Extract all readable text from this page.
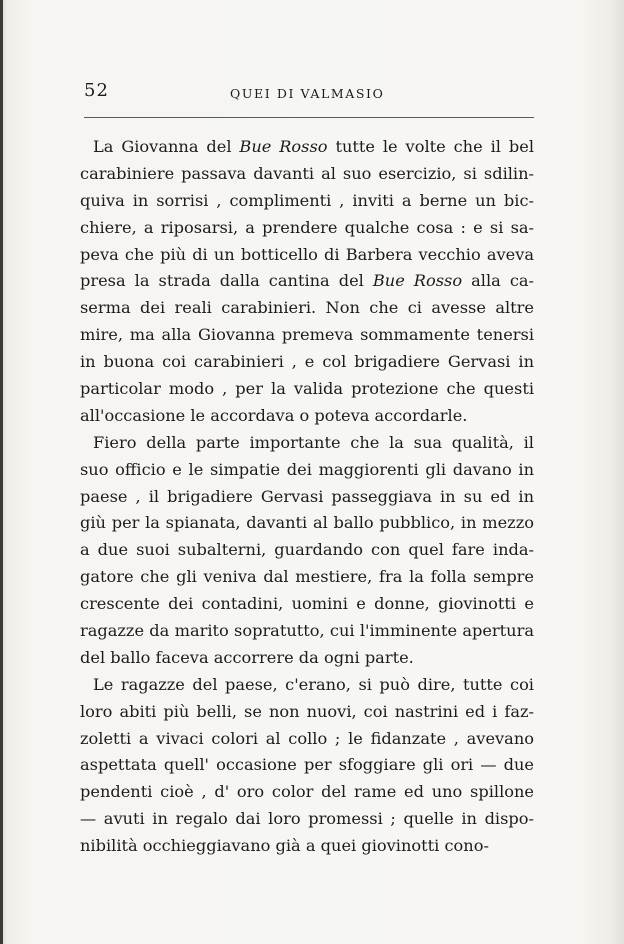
52	QUEI DI VALMASIO
La Giovanna del Bue Rosso tutte le volte che il bel
carabiniere passava davanti al suo esercizio, si sdilin-
quiva in sorrisi , complimenti , inviti a berne un bic-
chiere, a riposarsi, a prendere qualche cosa : e si sa-
peva che più di un botticello di Barbera vecchio aveva
presa la strada dalla cantina del Bue Rosso alla ca-
serma dei reali carabinieri. Non che ci avesse altre
mire, ma alla Giovanna premeva sommamente tenersi
in buona coi carabinieri , e col brigadiere Gervasi in
particolar modo , per la valida protezione che questi
all'occasione le accordava o poteva accordarle.
Fiero della parte importante che la sua qualità, il
suo officio e le simpatie dei maggiorenti gli davano in
paese , il brigadiere Gervasi passeggiava in su ed in
giù per la spianata, davanti al ballo pubblico, in mezzo
a due suoi subalterni, guardando con quel fare inda-
gatore che gli veniva dal mestiere, fra la folla sempre
crescente dei contadini, uomini e donne, giovinotti e
ragazze da marito sopratutto, cui l'imminente apertura
del ballo faceva accorrere da ogni parte.
Le ragazze del paese, c'erano, si può dire, tutte coi
loro abiti più belli, se non nuovi, coi nastrini ed i faz-
zoletti a vivaci colori al collo ; le fidanzate , avevano
aspettata quell' occasione per sfoggiare gli ori — due
pendenti cioè , d' oro color del rame ed uno spillone
— avuti in regalo dai loro promessi ; quelle in dispo-
nibilità occhieggiavano già a quei giovinotti cono-
